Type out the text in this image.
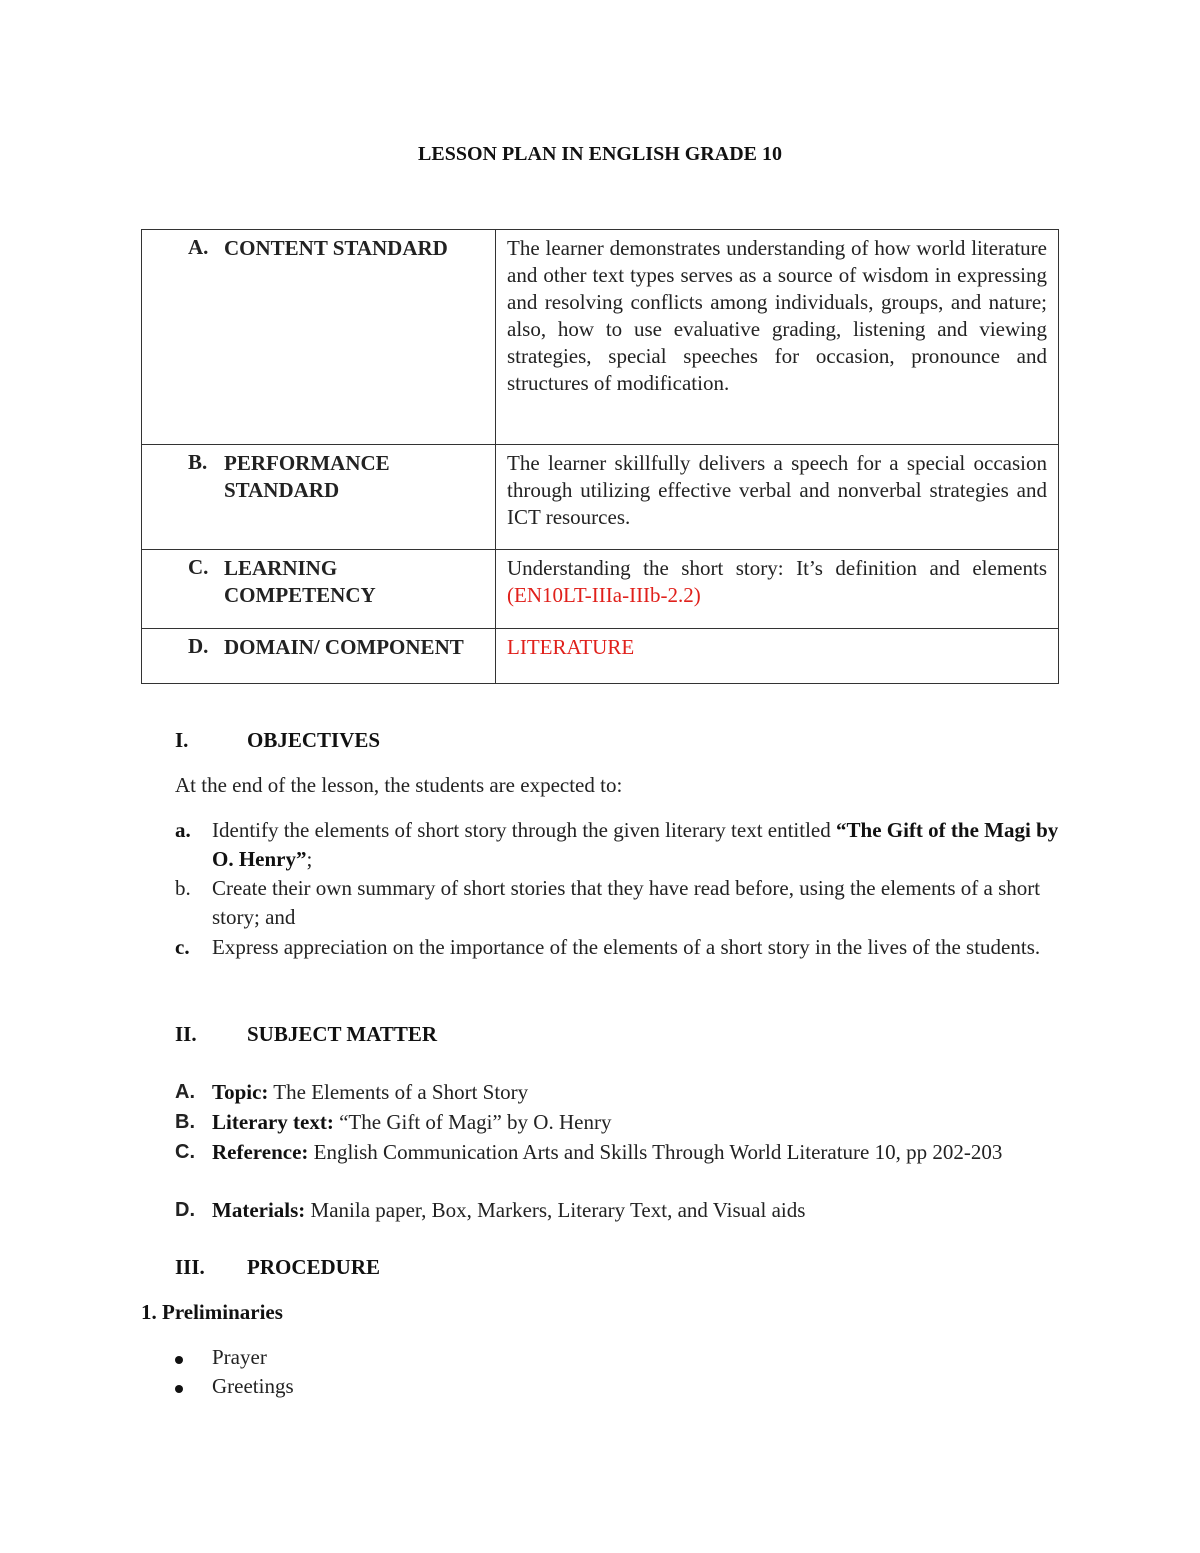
LESSON PLAN IN ENGLISH GRADE 10
A. CONTENT STANDARD	The learner demonstrates understanding of how world literature and other text types serves as a source of wisdom in expressing and resolving conflicts among individuals, groups, and nature; also, how to use evaluative grading, listening and viewing strategies, special speeches for occasion, pronounce and structures of modification.

B. PERFORMANCE STANDARD	The learner skillfully delivers a speech for a special occasion through utilizing effective verbal and nonverbal strategies and ICT resources.

C. LEARNING COMPETENCY	Understanding the short story: It’s definition and elements (EN10LT-IIIa-IIIb-2.2)

D. DOMAIN/ COMPONENT	LITERATURE
I.	OBJECTIVES
At the end of the lesson, the students are expected to:
a. Identify the elements of short story through the given literary text entitled “The Gift of the Magi by O. Henry”;
b. Create their own summary of short stories that they have read before, using the elements of a short story; and
c. Express appreciation on the importance of the elements of a short story in the lives of the students.
II. SUBJECT MATTER
A. Topic: The Elements of a Short Story
B. Literary text: “The Gift of Magi” by O. Henry
C. Reference: English Communication Arts and Skills Through World Literature 10, pp 202-203
D. Materials: Manila paper, Box, Markers, Literary Text, and Visual aids
III. PROCEDURE
1. Preliminaries
Prayer
Greetings
